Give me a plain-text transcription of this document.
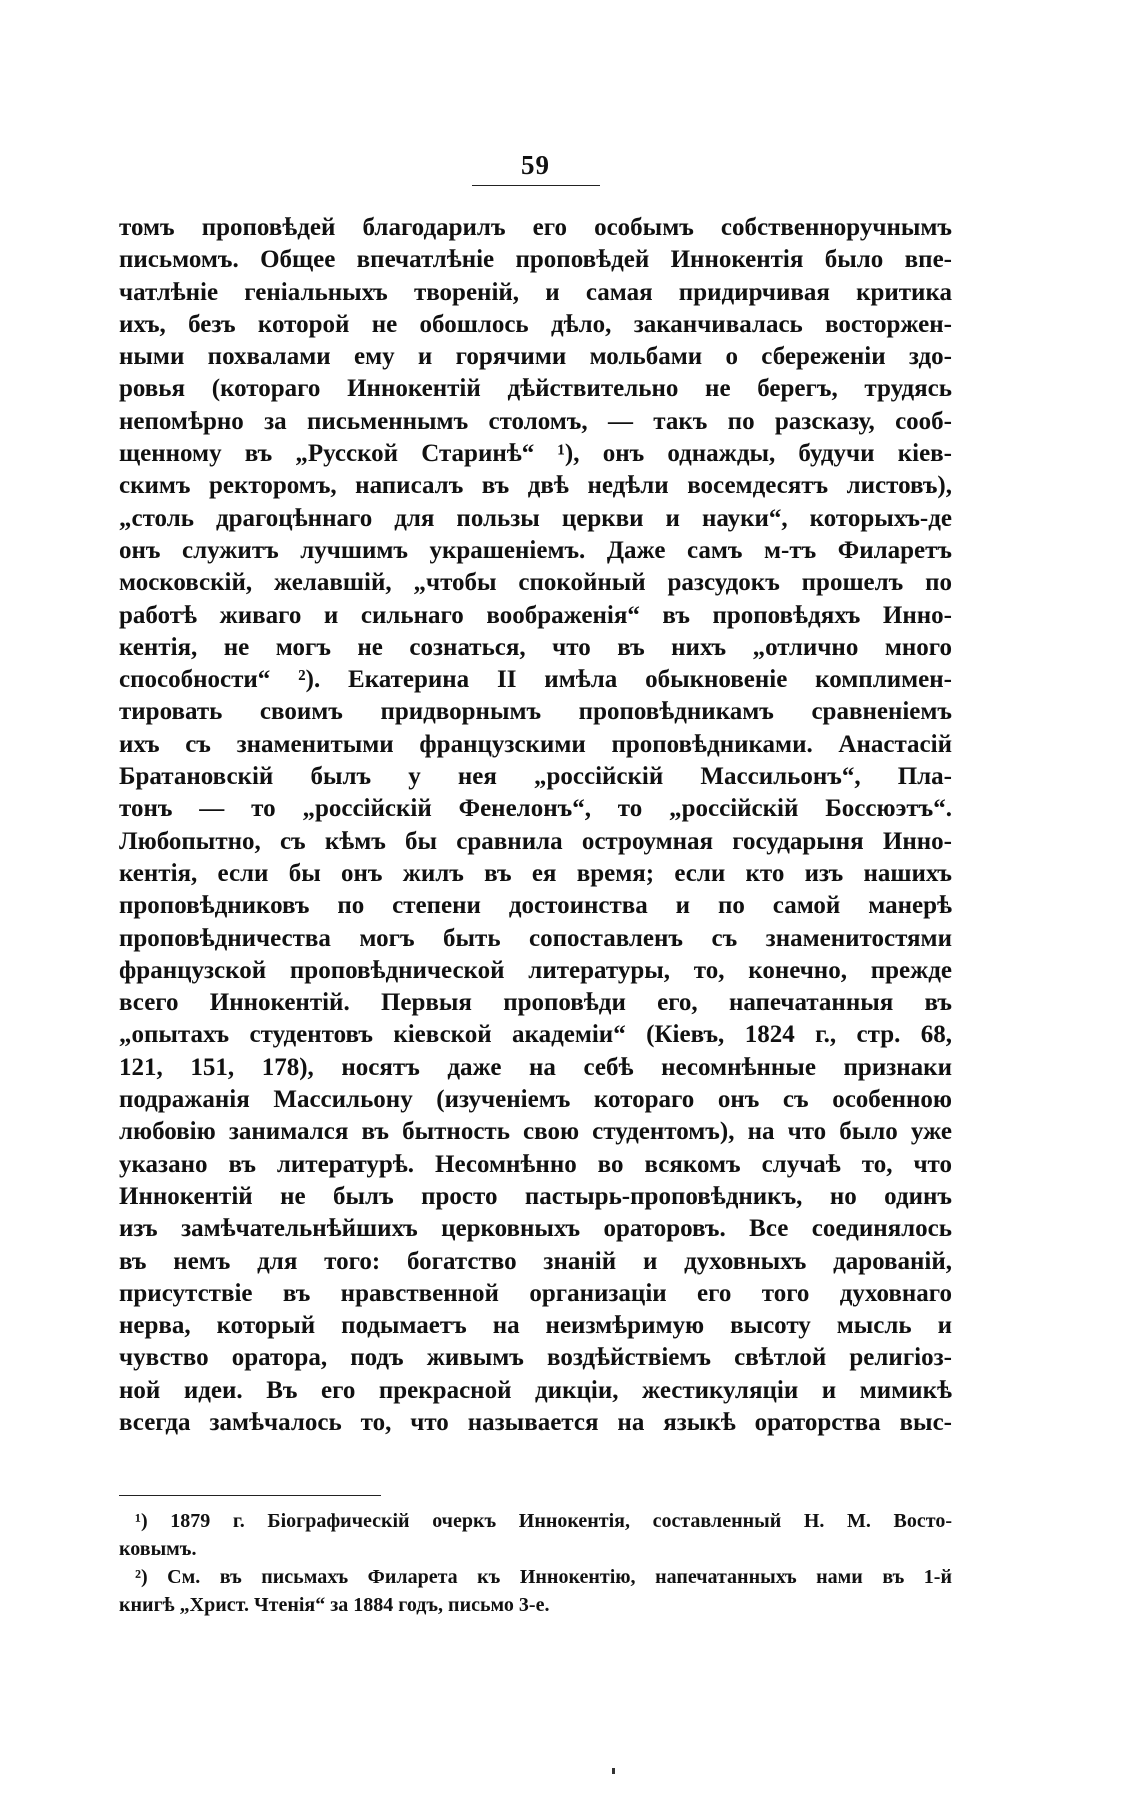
59
томъ проповѣдей благодарилъ его особымъ собственноручнымъ
письмомъ. Общее впечатлѣніе проповѣдей Иннокентія было впе-
чатлѣніе геніальныхъ твореній, и самая придирчивая критика
ихъ, безъ которой не обошлось дѣло, заканчивалась восторжен-
ными похвалами ему и горячими мольбами о сбереженіи здо-
ровья (котораго Иннокентій дѣйствительно не берегъ, трудясь
непомѣрно за письменнымъ столомъ, — такъ по разсказу, сооб-
щенному въ „Русской Старинѣ“ ¹), онъ однажды, будучи кіев-
скимъ ректоромъ, написалъ въ двѣ недѣли восемдесятъ листовъ),
„столь драгоцѣннаго для пользы церкви и науки“, которыхъ-де
онъ служитъ лучшимъ украшеніемъ. Даже самъ м-тъ Филаретъ
московскій, желавшій, „чтобы спокойный разсудокъ прошелъ по
работѣ живаго и сильнаго воображенія“ въ проповѣдяхъ Инно-
кентія, не могъ не сознаться, что въ нихъ „отлично много
способности“ ²). Екатерина II имѣла обыкновеніе комплимен-
тировать своимъ придворнымъ проповѣдникамъ сравненіемъ
ихъ съ знаменитыми французскими проповѣдниками. Анастасій
Братановскій былъ у нея „россійскій Массильонъ“, Пла-
тонъ — то „россійскій Фенелонъ“, то „россійскій Боссюэтъ“.
Любопытно, съ кѣмъ бы сравнила остроумная государыня Инно-
кентія, если бы онъ жилъ въ ея время; если кто изъ нашихъ
проповѣдниковъ по степени достоинства и по самой манерѣ
проповѣдничества могъ быть сопоставленъ съ знаменитостями
французской проповѣднической литературы, то, конечно, прежде
всего Иннокентій. Первыя проповѣди его, напечатанныя въ
„опытахъ студентовъ кіевской академіи“ (Кіевъ, 1824 г., стр. 68,
121, 151, 178), носятъ даже на себѣ несомнѣнные признаки
подражанія Массильону (изученіемъ котораго онъ съ особенною
любовію занимался въ бытность свою студентомъ), на что было уже
указано въ литературѣ. Несомнѣнно во всякомъ случаѣ то, что
Иннокентій не былъ просто пастырь-проповѣдникъ, но одинъ
изъ замѣчательнѣйшихъ церковныхъ ораторовъ. Все соединялось
въ немъ для того: богатство знаній и духовныхъ дарованій,
присутствіе въ нравственной организаціи его того духовнаго
нерва, который подымаетъ на неизмѣримую высоту мысль и
чувство оратора, подъ живымъ воздѣйствіемъ свѣтлой религіоз-
ной идеи. Въ его прекрасной дикціи, жестикуляціи и мимикѣ
всегда замѣчалось то, что называется на языкѣ ораторства выс-
¹) 1879 г. Біографическій очеркъ Иннокентія, составленный Н. М. Восто-
ковымъ.
²) См. въ письмахъ Филарета къ Иннокентію, напечатанныхъ нами въ 1-й
книгѣ „Христ. Чтенія“ за 1884 годъ, письмо 3-е.
